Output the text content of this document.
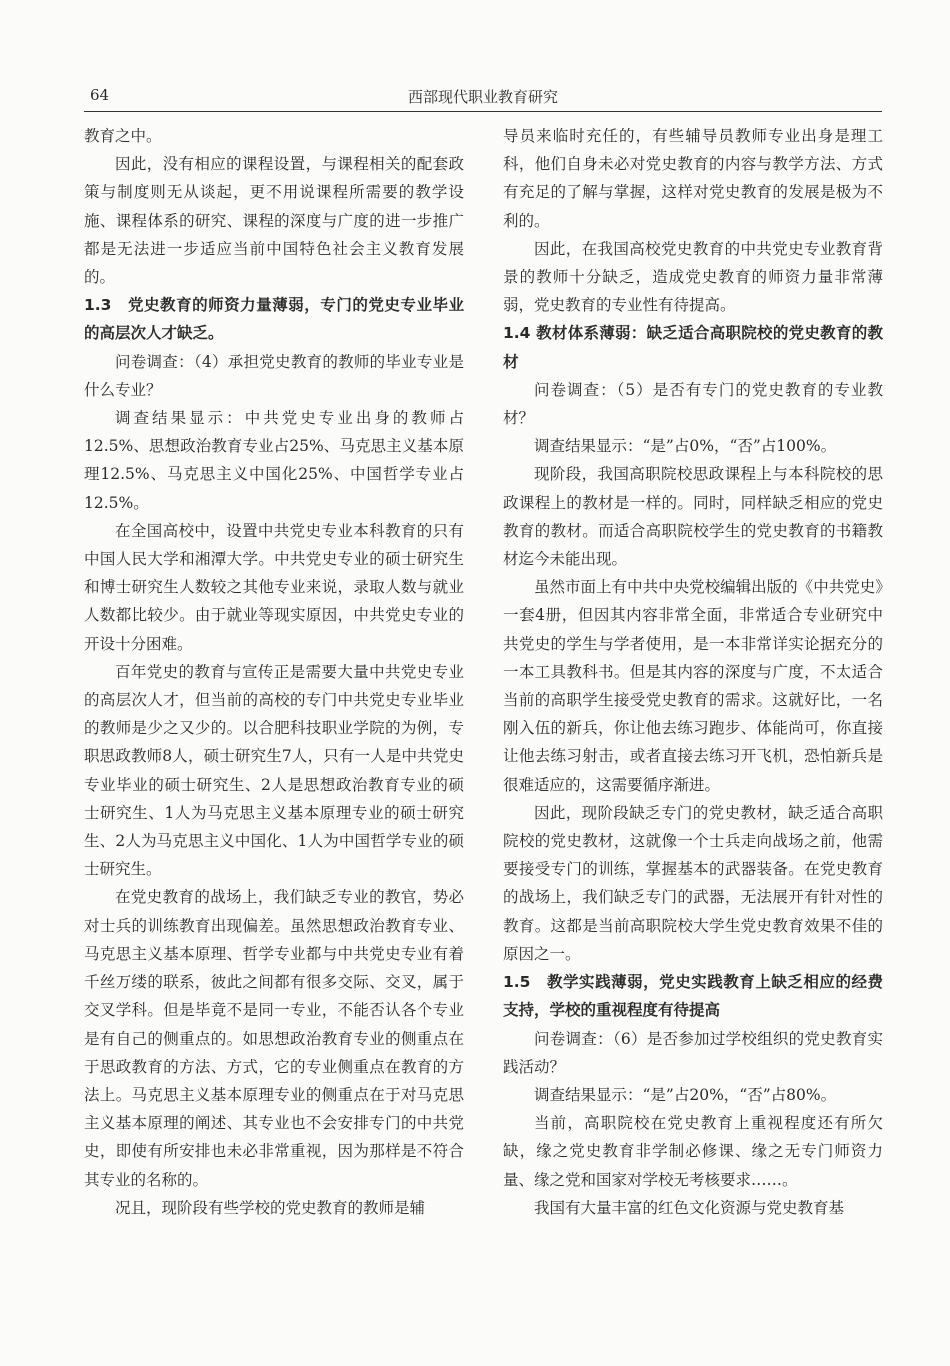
64	西部现代职业教育研究

教育之中。

因此，没有相应的课程设置，与课程相关的配套政策与制度则无从谈起，更不用说课程所需要的教学设施、课程体系的研究、课程的深度与广度的进一步推广都是无法进一步适应当前中国特色社会主义教育发展的。

1.3　党史教育的师资力量薄弱，专门的党史专业毕业的高层次人才缺乏。

问卷调查：（4）承担党史教育的教师的毕业专业是什么专业？

调查结果显示：中共党史专业出身的教师占12.5%、思想政治教育专业占25%、马克思主义基本原理12.5%、马克思主义中国化25%、中国哲学专业占12.5%。

在全国高校中，设置中共党史专业本科教育的只有中国人民大学和湘潭大学。中共党史专业的硕士研究生和博士研究生人数较之其他专业来说，录取人数与就业人数都比较少。由于就业等现实原因，中共党史专业的开设十分困难。

百年党史的教育与宣传正是需要大量中共党史专业的高层次人才，但当前的高校的专门中共党史专业毕业的教师是少之又少的。以合肥科技职业学院的为例，专职思政教师8人，硕士研究生7人，只有一人是中共党史专业毕业的硕士研究生、2人是思想政治教育专业的硕士研究生、1人为马克思主义基本原理专业的硕士研究生、2人为马克思主义中国化、1人为中国哲学专业的硕士研究生。

在党史教育的战场上，我们缺乏专业的教官，势必对士兵的训练教育出现偏差。虽然思想政治教育专业、马克思主义基本原理、哲学专业都与中共党史专业有着千丝万缕的联系，彼此之间都有很多交际、交叉，属于交叉学科。但是毕竟不是同一专业，不能否认各个专业是有自己的侧重点的。如思想政治教育专业的侧重点在于思政教育的方法、方式，它的专业侧重点在教育的方法上。马克思主义基本原理专业的侧重点在于对马克思主义基本原理的阐述、其专业也不会安排专门的中共党史，即使有所安排也未必非常重视，因为那样是不符合其专业的名称的。

况且，现阶段有些学校的党史教育的教师是辅

导员来临时充任的，有些辅导员教师专业出身是理工科，他们自身未必对党史教育的内容与教学方法、方式有充足的了解与掌握，这样对党史教育的发展是极为不利的。

因此，在我国高校党史教育的中共党史专业教育背景的教师十分缺乏，造成党史教育的师资力量非常薄弱，党史教育的专业性有待提高。

1.4 教材体系薄弱：缺乏适合高职院校的党史教育的教材

问卷调查：（5）是否有专门的党史教育的专业教材？

调查结果显示：“是”占0%，“否”占100%。

现阶段，我国高职院校思政课程上与本科院校的思政课程上的教材是一样的。同时，同样缺乏相应的党史教育的教材。而适合高职院校学生的党史教育的书籍教材迄今未能出现。

虽然市面上有中共中央党校编辑出版的《中共党史》一套4册，但因其内容非常全面，非常适合专业研究中共党史的学生与学者使用，是一本非常详实论据充分的一本工具教科书。但是其内容的深度与广度，不太适合当前的高职学生接受党史教育的需求。这就好比，一名刚入伍的新兵，你让他去练习跑步、体能尚可，你直接让他去练习射击，或者直接去练习开飞机，恐怕新兵是很难适应的，这需要循序渐进。

因此，现阶段缺乏专门的党史教材，缺乏适合高职院校的党史教材，这就像一个士兵走向战场之前，他需要接受专门的训练，掌握基本的武器装备。在党史教育的战场上，我们缺乏专门的武器，无法展开有针对性的教育。这都是当前高职院校大学生党史教育效果不佳的原因之一。

1.5　教学实践薄弱，党史实践教育上缺乏相应的经费支持，学校的重视程度有待提高

问卷调查：（6）是否参加过学校组织的党史教育实践活动？

调查结果显示：“是”占20%，“否”占80%。

当前，高职院校在党史教育上重视程度还有所欠缺，缘之党史教育非学制必修课、缘之无专门师资力量、缘之党和国家对学校无考核要求……。

我国有大量丰富的红色文化资源与党史教育基
